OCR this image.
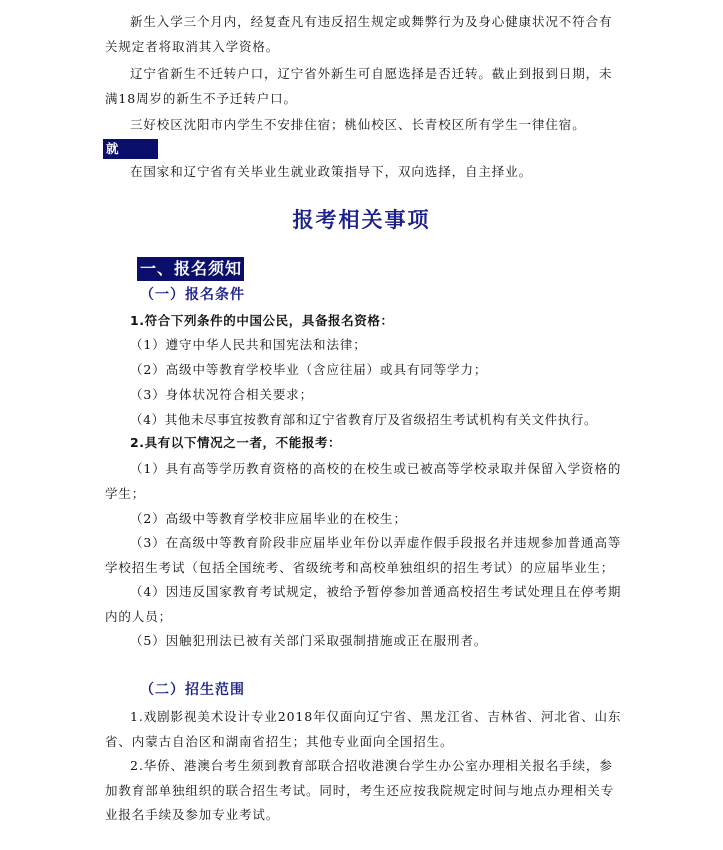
新生入学三个月内，经复查凡有违反招生规定或舞弊行为及身心健康状况不符合有关规定者将取消其入学资格。

辽宁省新生不迁转户口，辽宁省外新生可自愿选择是否迁转。截止到报到日期，未满18周岁的新生不予迁转户口。

三好校区沈阳市内学生不安排住宿；桃仙校区、长青校区所有学生一律住宿。

就　业 在国家和辽宁省有关毕业生就业政策指导下，双向选择，自主择业。

报考相关事项
一、报名须知
（一）报名条件
1.符合下列条件的中国公民，具备报名资格：

（1）遵守中华人民共和国宪法和法律；

（2）高级中等教育学校毕业（含应往届）或具有同等学力；

（3）身体状况符合相关要求；

（4）其他未尽事宜按教育部和辽宁省教育厅及省级招生考试机构有关文件执行。

2.具有以下情况之一者，不能报考：

（1）具有高等学历教育资格的高校的在校生或已被高等学校录取并保留入学资格的学生；

（2）高级中等教育学校非应届毕业的在校生；

（3）在高级中等教育阶段非应届毕业年份以弄虚作假手段报名并违规参加普通高等学校招生考试（包括全国统考、省级统考和高校单独组织的招生考试）的应届毕业生；

（4）因违反国家教育考试规定，被给予暂停参加普通高校招生考试处理且在停考期内的人员；

（5）因触犯刑法已被有关部门采取强制措施或正在服刑者。

（二）招生范围

1.戏剧影视美术设计专业2018年仅面向辽宁省、黑龙江省、吉林省、河北省、山东省、内蒙古自治区和湖南省招生；其他专业面向全国招生。

2.华侨、港澳台考生须到教育部联合招收港澳台学生办公室办理相关报名手续，参加教育部单独组织的联合招生考试。同时，考生还应按我院规定时间与地点办理相关专业报名手续及参加专业考试。
